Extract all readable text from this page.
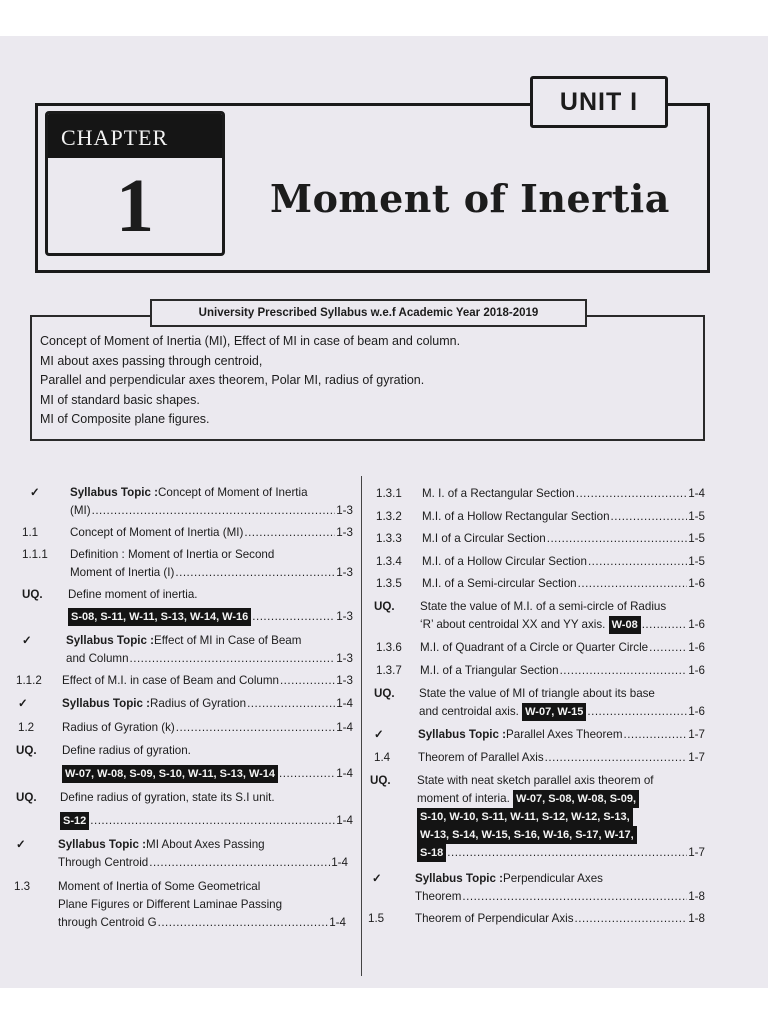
UNIT I
CHAPTER
1	Moment of Inertia
University Prescribed Syllabus w.e.f Academic Year 2018-2019
Concept of Moment of Inertia (MI), Effect of MI in case of beam and column.
MI about axes passing through centroid,
Parallel and perpendicular axes theorem, Polar MI, radius of gyration.
MI of standard basic shapes.
MI of Composite plane figures.
✓	Syllabus Topic : Concept of Moment of Inertia
(MI) .....	1-3
1.1	Concept of Moment of Inertia (MI) .....	1-3
1.1.1 Definition : Moment of Inertia or Second
Moment of Inertia (I) .....	1-3
UQ. Define moment of inertia.
S-08, S-11, W-11, S-13, W-14, W-16 .....	1-3
✓	Syllabus Topic : Effect of MI in Case of Beam
and Column .....	1-3
1.1.2 Effect of M.I. in case of Beam and Column .....	1-3
✓	Syllabus Topic : Radius of Gyration .....	1-4
1.2 Radius of Gyration (k) .....	1-4
UQ. Define radius of gyration.
W-07, W-08, S-09, S-10, W-11, S-13, W-14 .....	1-4
UQ. Define radius of gyration, state its S.I unit.
S-12 .....	1-4
✓	Syllabus Topic : MI About Axes Passing
Through Centroid .....	1-4
1.3 Moment of Inertia of Some Geometrical
Plane Figures or Different Laminae Passing
through Centroid G .....	1-4
1.3.1 M. I. of a Rectangular Section .....	1-4
1.3.2 M.I. of a Hollow Rectangular Section .....	1-5
1.3.3 M.I of a Circular Section .....	1-5
1.3.4 M.I. of a Hollow Circular Section .....	1-5
1.3.5 M.I. of a Semi-circular Section .....	1-6
UQ. State the value of M.I. of a semi-circle of Radius
‘R’ about centroidal XX and YY axis.
W-08 .....	1-6
1.3.6 M.I. of Quadrant of a Circle or Quarter Circle .....	1-6
1.3.7 M.I. of a Triangular Section .....	1-6
UQ. State the value of MI of triangle about its base
and centroidal axis.
W-07, W-15 .....	1-6
✓	Syllabus Topic : Parallel Axes Theorem .....	1-7
1.4 Theorem of Parallel Axis .....	1-7
UQ. State with neat sketch parallel axis theorem of
moment of interia.
W-07, S-08, W-08, S-09,
S-10, W-10, S-11, W-11, S-12, W-12, S-13,
W-13, S-14, W-15, S-16, W-16, S-17, W-17,
S-18 .....	1-7
✓	Syllabus Topic : Perpendicular Axes
Theorem .....	1-8
1.5	Theorem of Perpendicular Axis .....	1-8
